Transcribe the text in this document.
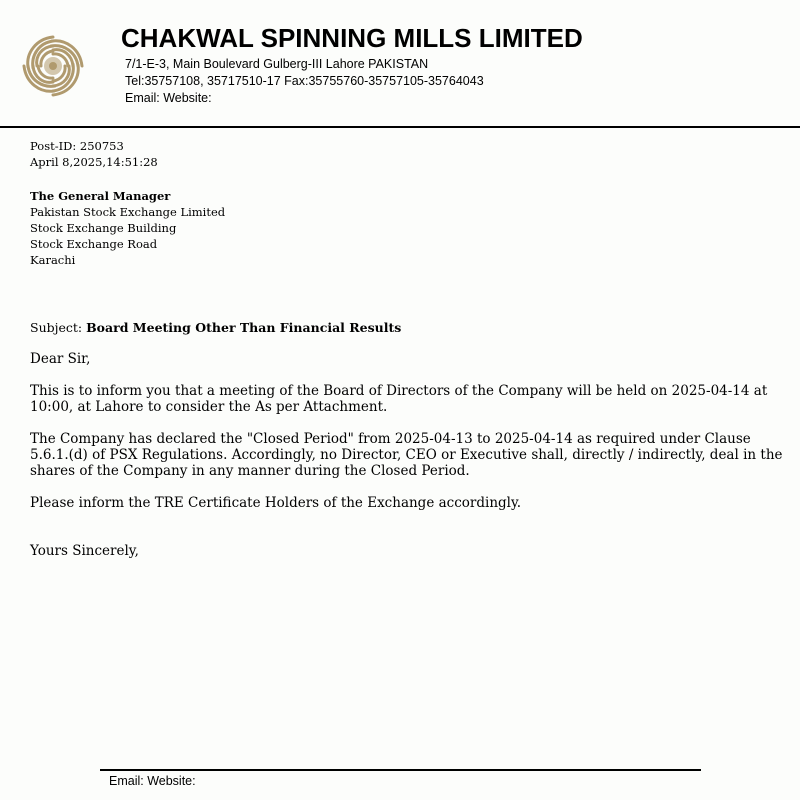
CHAKWAL SPINNING MILLS LIMITED
7/1-E-3, Main Boulevard Gulberg-III Lahore PAKISTAN
Tel:35757108, 35717510-17 Fax:35755760-35757105-35764043
Email: Website:
Post-ID: 250753
April 8,2025,14:51:28
The General Manager
Pakistan Stock Exchange Limited
Stock Exchange Building
Stock Exchange Road
Karachi
Subject: Board Meeting Other Than Financial Results
Dear Sir,
This is to inform you that a meeting of the Board of Directors of the Company will be held on 2025-04-14 at 10:00, at Lahore to consider the As per Attachment.
The Company has declared the "Closed Period" from 2025-04-13 to 2025-04-14 as required under Clause 5.6.1.(d) of PSX Regulations. Accordingly, no Director, CEO or Executive shall, directly / indirectly, deal in the shares of the Company in any manner during the Closed Period.
Please inform the TRE Certificate Holders of the Exchange accordingly.
Yours Sincerely,
Email: Website:
